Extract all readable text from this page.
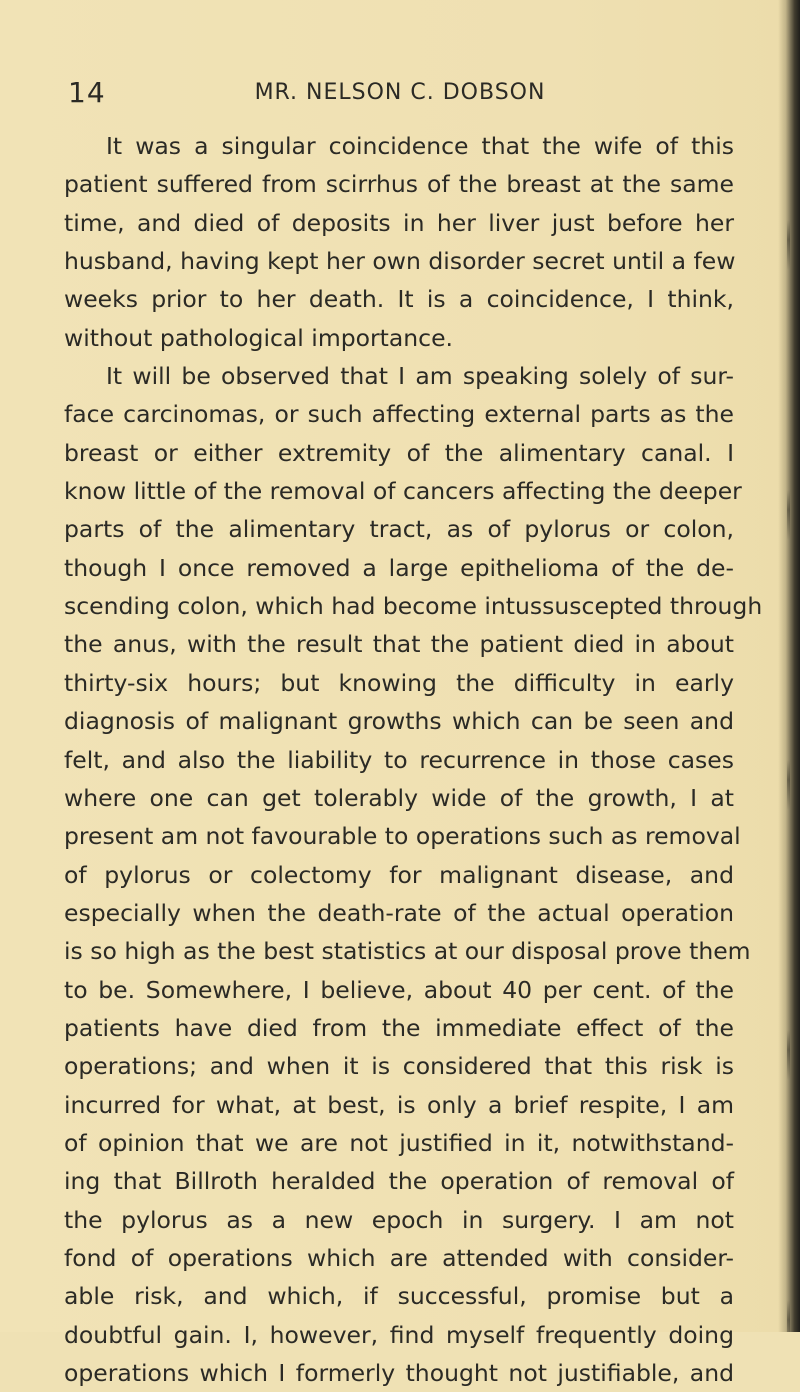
14	MR. NELSON C. DOBSON
It was a singular coincidence that the wife of this
patient suffered from scirrhus of the breast at the same
time, and died of deposits in her liver just before her
husband, having kept her own disorder secret until a few
weeks prior to her death. It is a coincidence, I think,
without pathological importance.
It will be observed that I am speaking solely of sur-
face carcinomas, or such affecting external parts as the
breast or either extremity of the alimentary canal. I
know little of the removal of cancers affecting the deeper
parts of the alimentary tract, as of pylorus or colon,
though I once removed a large epithelioma of the de-
scending colon, which had become intussuscepted through
the anus, with the result that the patient died in about
thirty-six hours; but knowing the difficulty in early
diagnosis of malignant growths which can be seen and
felt, and also the liability to recurrence in those cases
where one can get tolerably wide of the growth, I at
present am not favourable to operations such as removal
of pylorus or colectomy for malignant disease, and
especially when the death-rate of the actual operation
is so high as the best statistics at our disposal prove them
to be. Somewhere, I believe, about 40 per cent. of the
patients have died from the immediate effect of the
operations; and when it is considered that this risk is
incurred for what, at best, is only a brief respite, I am
of opinion that we are not justified in it, notwithstand-
ing that Billroth heralded the operation of removal of
the pylorus as a new epoch in surgery. I am not
fond of operations which are attended with consider-
able risk, and which, if successful, promise but a
doubtful gain. I, however, find myself frequently doing
operations which I formerly thought not justifiable, and
